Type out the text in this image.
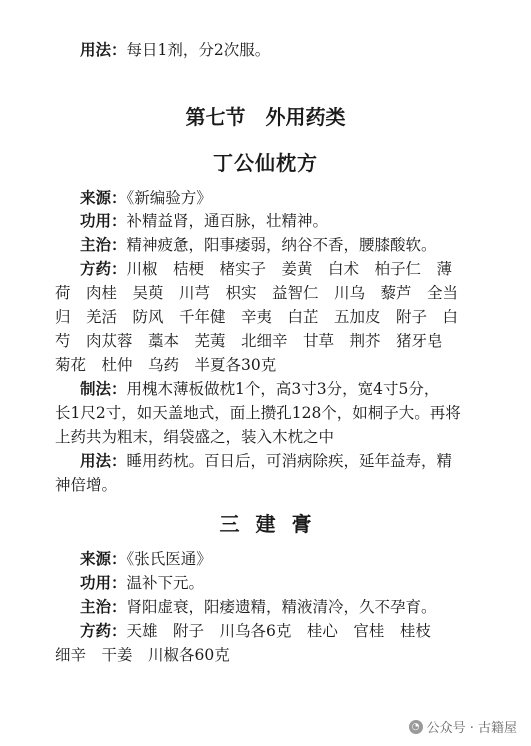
用法：每日1剂，分2次服。
第七节　外用药类
丁公仙枕方
来源：《新编验方》
功用：补精益肾，通百脉，壮精神。
主治：精神疲惫，阳事痿弱，纳谷不香，腰膝酸软。
方药：川椒　桔梗　楮实子　姜黄　白术　柏子仁　薄
荷　肉桂　吴萸　川芎　枳实　益智仁　川乌　藜芦　全当
归　羌活　防风　千年健　辛夷　白芷　五加皮　附子　白
芍　肉苁蓉　藁本　芜荑　北细辛　甘草　荆芥　猪牙皂
菊花　杜仲　乌药　半夏各30克
制法：用槐木薄板做枕1个，高3寸3分，宽4寸5分，
长1尺2寸，如天盖地式，面上攒孔128个，如桐子大。再将
上药共为粗末，绢袋盛之，装入木枕之中
用法：睡用药枕。百日后，可消病除疾，延年益寿，精
神倍增。
三建膏
来源：《张氏医通》
功用：温补下元。
主治：肾阳虚衰，阳痿遗精，精液清冷，久不孕育。
方药：天雄　附子　川乌各6克　桂心　官桂　桂枝
细辛　干姜　川椒各60克
◔ 公众号 · 古籍屋
